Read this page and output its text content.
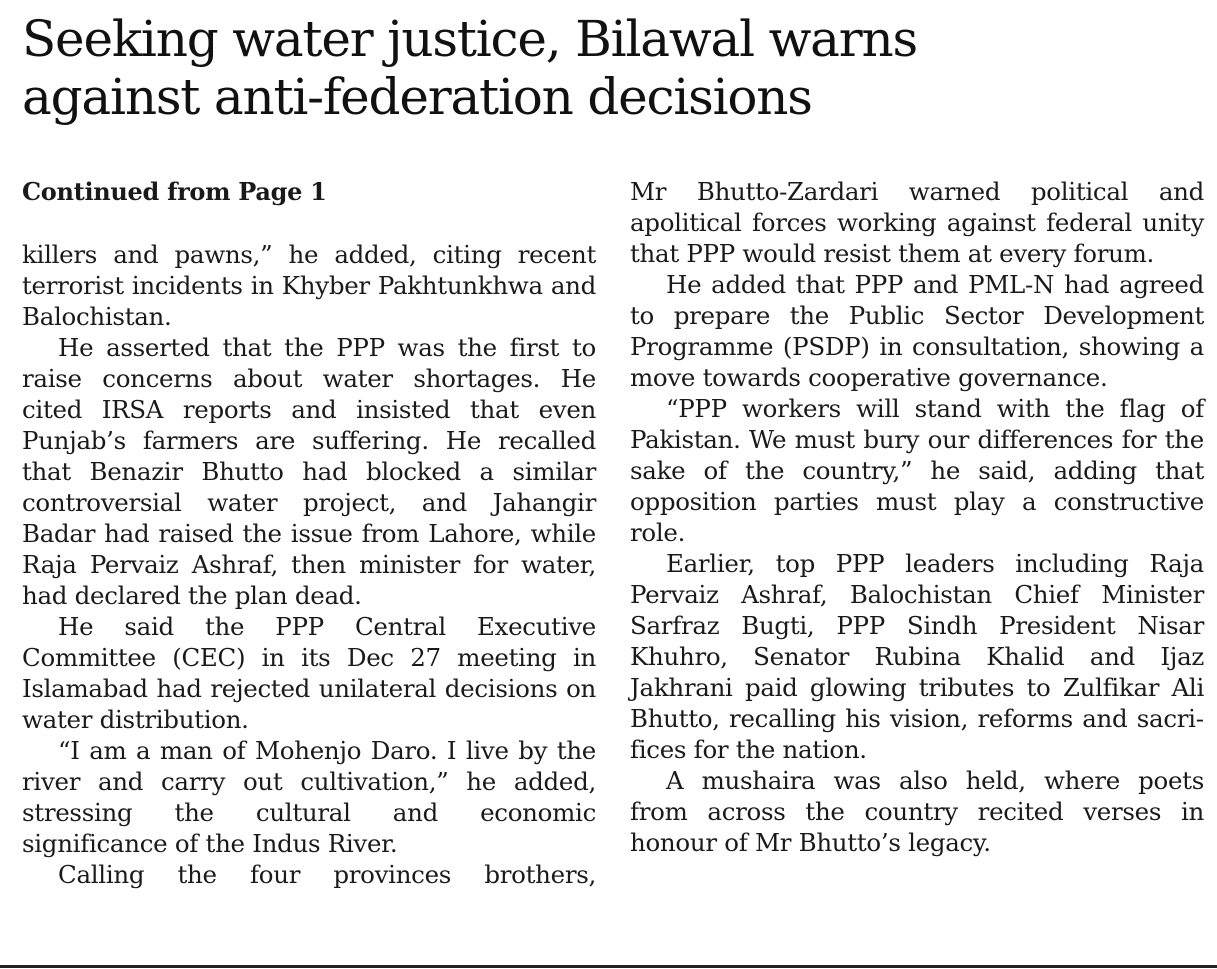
Seeking water justice, Bilawal warns
against anti-federation decisions

Continued from Page 1

killers and pawns,” he added, citing recent terrorist incidents in Khyber Pakhtunkhwa and Balochistan.

He asserted that the PPP was the first to raise concerns about water shortages. He cited IRSA reports and insisted that even Punjab’s farmers are suffering. He recalled that Benazir Bhutto had blocked a similar controversial water project, and Jahangir Badar had raised the issue from Lahore, while Raja Pervaiz Ashraf, then minister for water, had declared the plan dead.

He said the PPP Central Executive Committee (CEC) in its Dec 27 meeting in Islamabad had rejected unilateral decisions on water distribution.

“I am a man of Mohenjo Daro. I live by the river and carry out cultivation,” he added, stressing the cultural and economic significance of the Indus River.

Calling the four provinces brothers,

Mr Bhutto-Zardari warned political and apolitical forces working against federal unity that PPP would resist them at every forum.

He added that PPP and PML-N had agreed to prepare the Public Sector Development Programme (PSDP) in consultation, showing a move towards cooperative governance.

“PPP workers will stand with the flag of Pakistan. We must bury our differences for the sake of the country,” he said, adding that opposition parties must play a constructive role.

Earlier, top PPP leaders including Raja Pervaiz Ashraf, Balochistan Chief Minister Sarfraz Bugti, PPP Sindh President Nisar Khuhro, Senator Rubina Khalid and Ijaz Jakhrani paid glowing tributes to Zulfikar Ali Bhutto, recalling his vision, reforms and sacrifices for the nation.

A mushaira was also held, where poets from across the country recited verses in honour of Mr Bhutto’s legacy.
